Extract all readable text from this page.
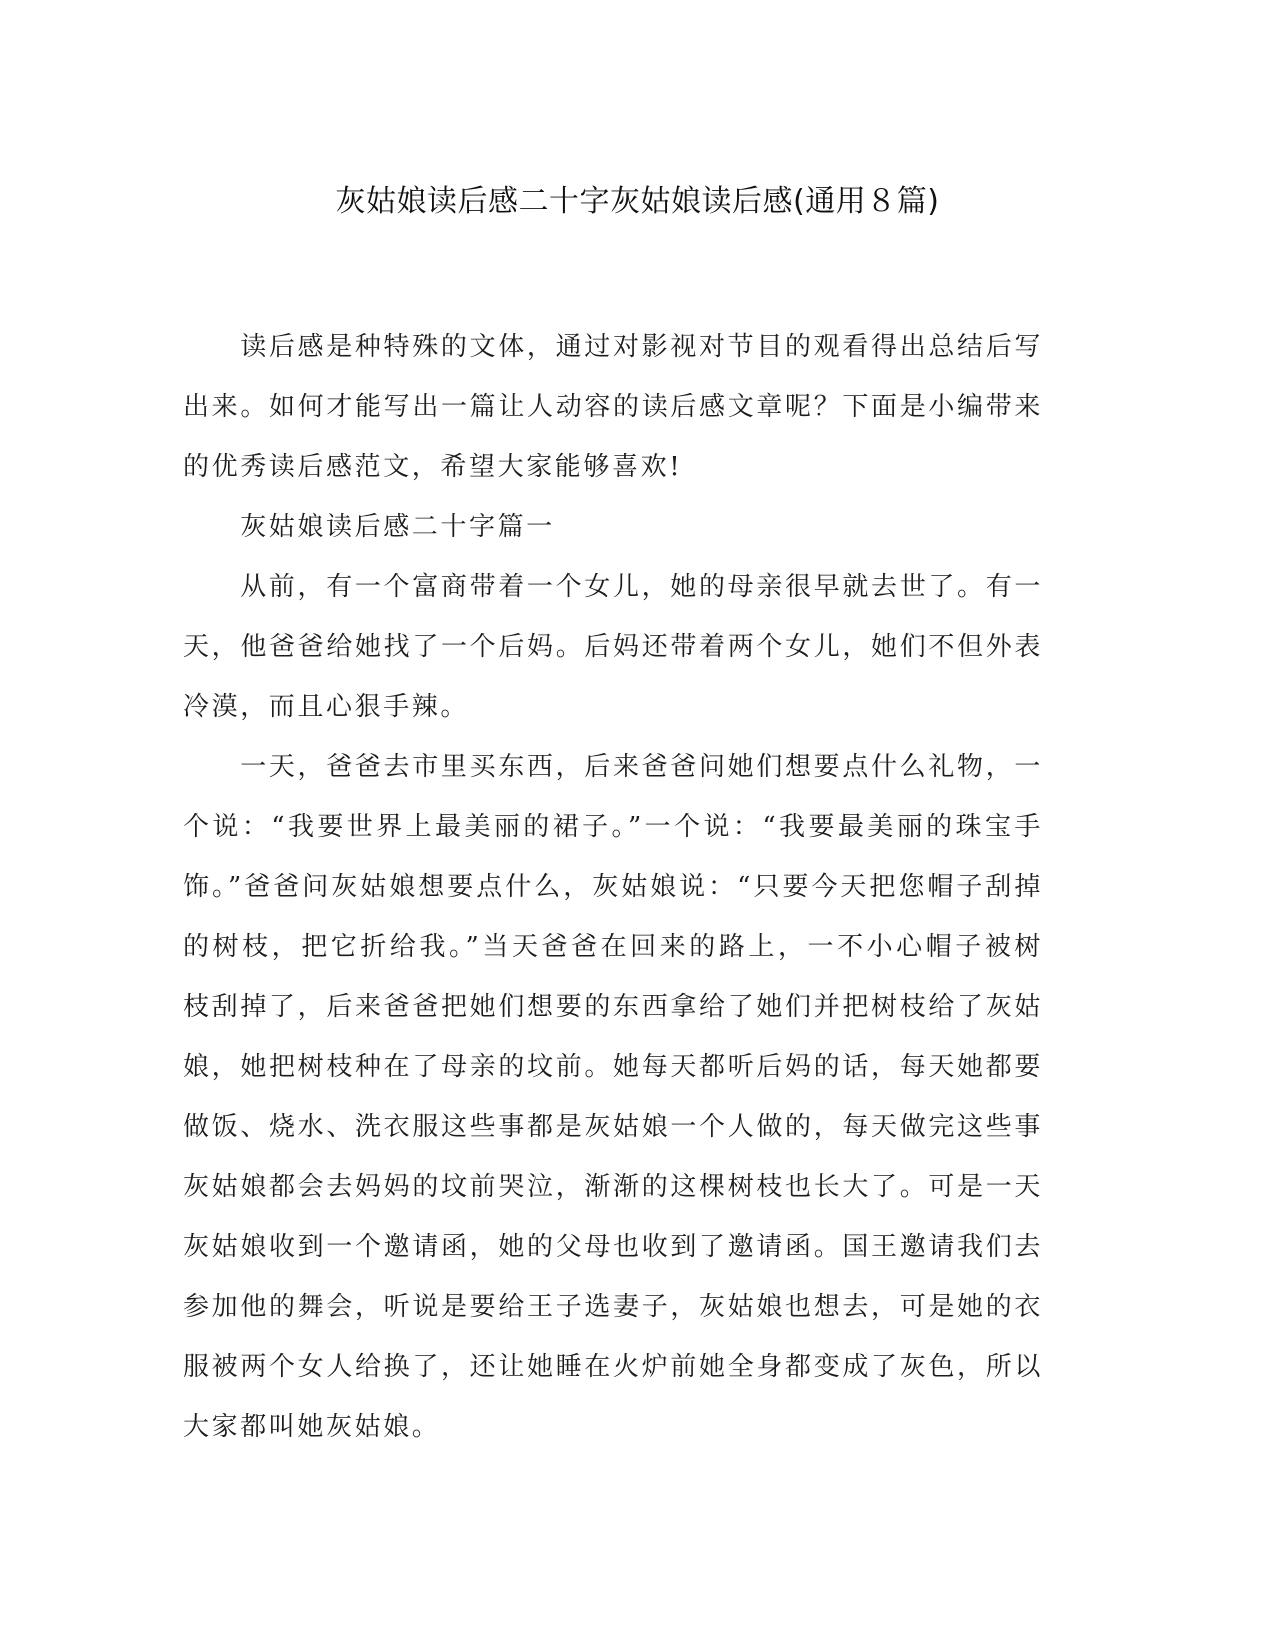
灰姑娘读后感二十字灰姑娘读后感(通用８篇)

读后感是种特殊的文体，通过对影视对节目的观看得出总结后写出来。如何才能写出一篇让人动容的读后感文章呢？下面是小编带来的优秀读后感范文，希望大家能够喜欢!

灰姑娘读后感二十字篇一

从前，有一个富商带着一个女儿，她的母亲很早就去世了。有一天，他爸爸给她找了一个后妈。后妈还带着两个女儿，她们不但外表冷漠，而且心狠手辣。

一天，爸爸去市里买东西，后来爸爸问她们想要点什么礼物，一个说：“我要世界上最美丽的裙子。”一个说：“我要最美丽的珠宝手饰。”爸爸问灰姑娘想要点什么，灰姑娘说：“只要今天把您帽子刮掉的树枝，把它折给我。”当天爸爸在回来的路上，一不小心帽子被树枝刮掉了，后来爸爸把她们想要的东西拿给了她们并把树枝给了灰姑娘，她把树枝种在了母亲的坟前。她每天都听后妈的话，每天她都要做饭、烧水、洗衣服这些事都是灰姑娘一个人做的，每天做完这些事灰姑娘都会去妈妈的坟前哭泣，渐渐的这棵树枝也长大了。可是一天灰姑娘收到一个邀请函，她的父母也收到了邀请函。国王邀请我们去参加他的舞会，听说是要给王子选妻子，灰姑娘也想去，可是她的衣服被两个女人给换了，还让她睡在火炉前她全身都变成了灰色，所以大家都叫她灰姑娘。
